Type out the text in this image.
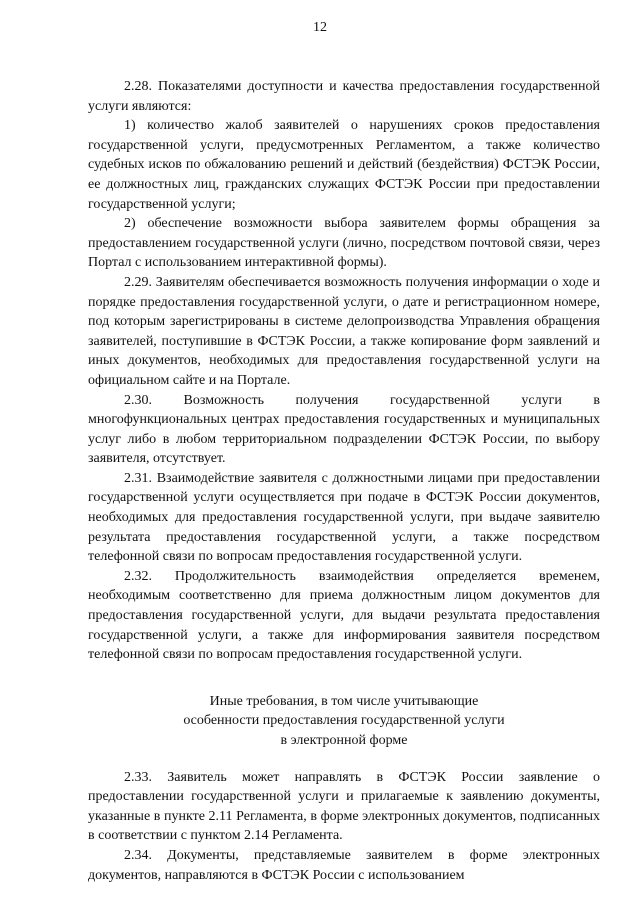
12

2.28. Показателями доступности и качества предоставления государственной услуги являются:

1) количество жалоб заявителей о нарушениях сроков предоставления государственной услуги, предусмотренных Регламентом, а также количество судебных исков по обжалованию решений и действий (бездействия) ФСТЭК России, ее должностных лиц, гражданских служащих ФСТЭК России при предоставлении государственной услуги;

2) обеспечение возможности выбора заявителем формы обращения за предоставлением государственной услуги (лично, посредством почтовой связи, через Портал с использованием интерактивной формы).

2.29. Заявителям обеспечивается возможность получения информации о ходе и порядке предоставления государственной услуги, о дате и регистрационном номере, под которым зарегистрированы в системе делопроизводства Управления обращения заявителей, поступившие в ФСТЭК России, а также копирование форм заявлений и иных документов, необходимых для предоставления государственной услуги на официальном сайте и на Портале.

2.30. Возможность получения государственной услуги в многофункциональных центрах предоставления государственных и муниципальных услуг либо в любом территориальном подразделении ФСТЭК России, по выбору заявителя, отсутствует.

2.31. Взаимодействие заявителя с должностными лицами при предоставлении государственной услуги осуществляется при подаче в ФСТЭК России документов, необходимых для предоставления государственной услуги, при выдаче заявителю результата предоставления государственной услуги, а также посредством телефонной связи по вопросам предоставления государственной услуги.

2.32. Продолжительность взаимодействия определяется временем, необходимым соответственно для приема должностным лицом документов для предоставления государственной услуги, для выдачи результата предоставления государственной услуги, а также для информирования заявителя посредством телефонной связи по вопросам предоставления государственной услуги.

Иные требования, в том числе учитывающие
особенности предоставления государственной услуги
в электронной форме

2.33. Заявитель может направлять в ФСТЭК России заявление о предоставлении государственной услуги и прилагаемые к заявлению документы, указанные в пункте 2.11 Регламента, в форме электронных документов, подписанных в соответствии с пунктом 2.14 Регламента.

2.34. Документы, представляемые заявителем в форме электронных документов, направляются в ФСТЭК России с использованием
